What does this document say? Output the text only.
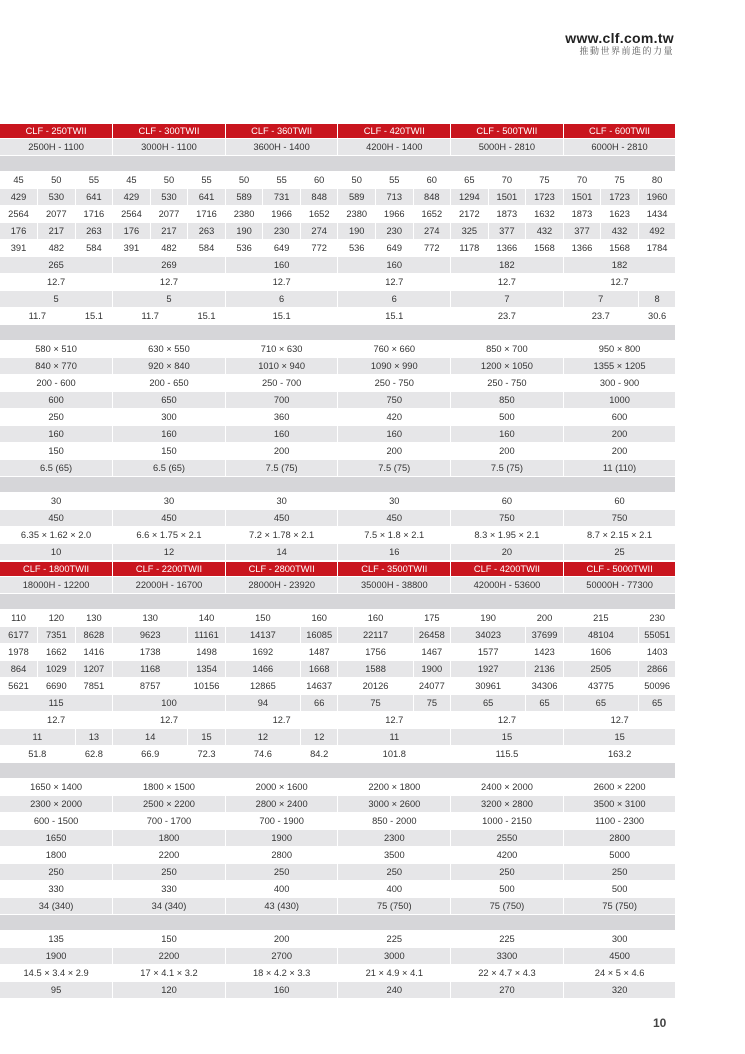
www.clf.com.tw
推動世界前進的力量
CLF - 250TWII			CLF - 300TWII			CLF - 360TWII			CLF - 420TWII			CLF - 500TWII			CLF - 600TWII		
2500H - 1100			3000H - 1100			3600H - 1400			4200H - 1400			5000H - 2810			6000H - 2810		

45	50	55	45	50	55	50	55	60	50	55	60	65	70	75	70	75	80
429	530	641	429	530	641	589	731	848	589	713	848	1294	1501	1723	1501	1723	1960
2564	2077	1716	2564	2077	1716	2380	1966	1652	2380	1966	1652	2172	1873	1632	1873	1623	1434
176	217	263	176	217	263	190	230	274	190	230	274	325	377	432	377	432	492
391	482	584	391	482	584	536	649	772	536	649	772	1178	1366	1568	1366	1568	1784
265			269			160			160			182			182		
12.7			12.7			12.7			12.7			12.7			12.7		
5			5			6			6			7			7		8
11.7		15.1	11.7		15.1	15.1			15.1			23.7			23.7		30.6

580 × 510			630 × 550			710 × 630			760 × 660			850 × 700			950 × 800		
840 × 770			920 × 840			1010 × 940			1090 × 990			1200 × 1050			1355 × 1205		
200 - 600			200 - 650			250 - 700			250 - 750			250 - 750			300 - 900		
600			650			700			750			850			1000		
250			300			360			420			500			600		
160			160			160			160			160			200		
150			150			200			200			200			200		
6.5 (65)			6.5 (65)			7.5 (75)			7.5 (75)			7.5 (75)			11 (110)		

30			30			30			30			60			60		
450			450			450			450			750			750		
6.35 × 1.62 × 2.0			6.6 × 1.75 × 2.1			7.2 × 1.78 × 2.1			7.5 × 1.8 × 2.1			8.3 × 1.95 × 2.1			8.7 × 2.15 × 2.1		
10			12			14			16			20			25		
CLF - 1800TWII			CLF - 2200TWII		CLF - 2800TWII		CLF - 3500TWII		CLF - 4200TWII		CLF - 5000TWII	
18000H - 12200			22000H - 16700		28000H - 23920		35000H - 38800		42000H - 53600		50000H - 77300	

110	120	130	130	140	150	160	160	175	190	200	215	230
6177	7351	8628	9623	11161	14137	16085	22117	26458	34023	37699	48104	55051
1978	1662	1416	1738	1498	1692	1487	1756	1467	1577	1423	1606	1403
864	1029	1207	1168	1354	1466	1668	1588	1900	1927	2136	2505	2866
5621	6690	7851	8757	10156	12865	14637	20126	24077	30961	34306	43775	50096
115			100		94	66	75	75	65	65	65	65
12.7			12.7		12.7		12.7		12.7		12.7	
11		13	14	15	12	12	11		15		15	
51.8		62.8	66.9	72.3	74.6	84.2	101.8		115.5		163.2	

1650 × 1400			1800 × 1500		2000 × 1600		2200 × 1800		2400 × 2000		2600 × 2200	
2300 × 2000			2500 × 2200		2800 × 2400		3000 × 2600		3200 × 2800		3500 × 3100	
600 - 1500			700 - 1700		700 - 1900		850 - 2000		1000 - 2150		1100 - 2300	
1650			1800		1900		2300		2550		2800	
1800			2200		2800		3500		4200		5000	
250			250		250		250		250		250	
330			330		400		400		500		500	
34 (340)			34 (340)		43 (430)		75 (750)		75 (750)		75 (750)	

135			150		200		225		225		300	
1900			2200		2700		3000		3300		4500	
14.5 × 3.4 × 2.9			17 × 4.1 × 3.2		18 × 4.2 × 3.3		21 × 4.9 × 4.1		22 × 4.7 × 4.3		24 × 5 × 4.6	
95			120		160		240		270		320	
10
